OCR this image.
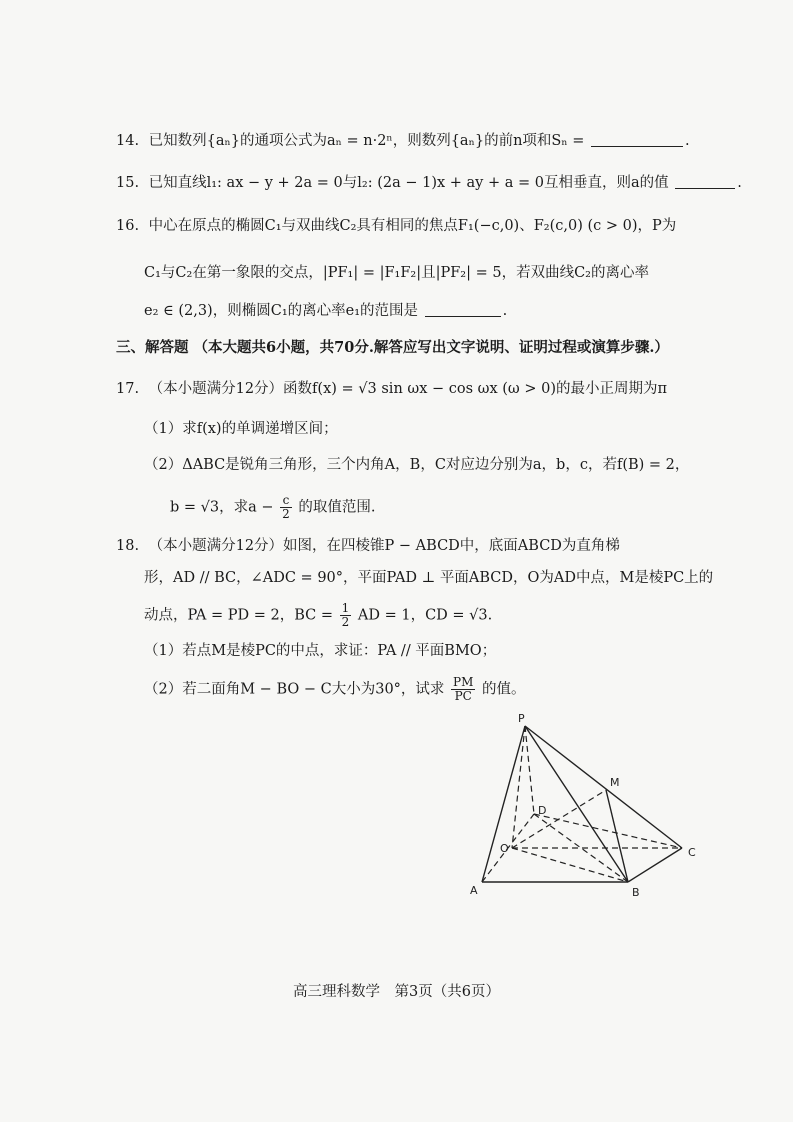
14. 已知数列{aₙ}的通项公式为aₙ = n·2ⁿ，则数列{aₙ}的前n项和Sₙ =	.
15. 已知直线l₁: ax − y + 2a = 0与l₂: (2a − 1)x + ay + a = 0互相垂直，则a的值	.
16. 中心在原点的椭圆C₁与双曲线C₂具有相同的焦点F₁(−c,0)、F₂(c,0) (c > 0)，P为
C₁与C₂在第一象限的交点，|PF₁| = |F₁F₂|且|PF₂| = 5，若双曲线C₂的离心率
e₂ ∈ (2,3)，则椭圆C₁的离心率e₁的范围是	.
三、解答题 （本大题共6小题，共70分.解答应写出文字说明、证明过程或演算步骤.）
17. （本小题满分12分）函数f(x) = √3 sin ωx − cos ωx (ω > 0)的最小正周期为π
（1）求f(x)的单调递增区间；
（2）ΔABC是锐角三角形，三个内角A，B，C对应边分别为a，b，c，若f(B) = 2，
b = √3，求$a - \frac{c}{2}$ 的取值范围.
18. （本小题满分12分）如图，在四棱锥P − ABCD中，底面ABCD为直角梯
形，AD // BC，∠ADC = 90°，平面PAD ⊥ 平面ABCD，O为AD中点，M是棱PC上的
动点，PA = PD = 2，BC = $\frac{1}{2}$ AD = 1，CD = √3.
（1）若点M是棱PC的中点，求证：PA // 平面BMO；
（2）若二面角M − BO − C大小为30°，试求 $\frac{PM}{PC}$ 的值。
P
M
D
O	C
A	B
高三理科数学　第3页（共6页）
